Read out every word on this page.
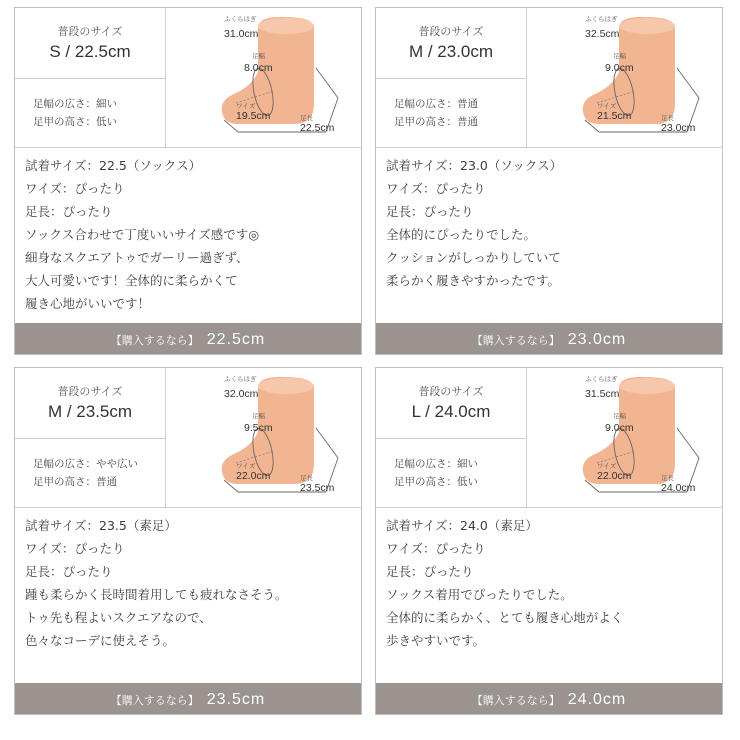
普段のサイズ
S / 22.5cm
足幅の広さ：細い
足甲の高さ：低い
ふくらはぎ
31.0cm
足幅
8.0cm
ワイズ
19.5cm	足長
22.5cm
試着サイズ：22.5（ソックス）
ワイズ：ぴったり
足長：ぴったり
ソックス合わせで丁度いいサイズ感です◎
細身なスクエアトゥでガーリー過ぎず、
大人可愛いです！全体的に柔らかくて
履き心地がいいです！
【購入するなら】 22.5cm
普段のサイズ
M / 23.0cm
足幅の広さ：普通
足甲の高さ：普通
ふくらはぎ
32.5cm
足幅
9.0cm
ワイズ
21.5cm	足長
23.0cm
試着サイズ：23.0（ソックス）
ワイズ：ぴったり
足長：ぴったり
全体的にぴったりでした。
クッションがしっかりしていて
柔らかく履きやすかったです。
【購入するなら】 23.0cm
普段のサイズ
M / 23.5cm
足幅の広さ：やや広い
足甲の高さ：普通
ふくらはぎ
32.0cm
足幅
9.5cm
ワイズ
22.0cm	足長
23.5cm
試着サイズ：23.5（素足）
ワイズ：ぴったり
足長：ぴったり
踵も柔らかく長時間着用しても疲れなさそう。
トゥ先も程よいスクエアなので、
色々なコーデに使えそう。
【購入するなら】 23.5cm
普段のサイズ
L / 24.0cm
足幅の広さ：細い
足甲の高さ：低い
ふくらはぎ
31.5cm
足幅
9.0cm
ワイズ
22.0cm	足長
24.0cm
試着サイズ：24.0（素足）
ワイズ：ぴったり
足長：ぴったり
ソックス着用でぴったりでした。
全体的に柔らかく、とても履き心地がよく
歩きやすいです。
【購入するなら】 24.0cm
